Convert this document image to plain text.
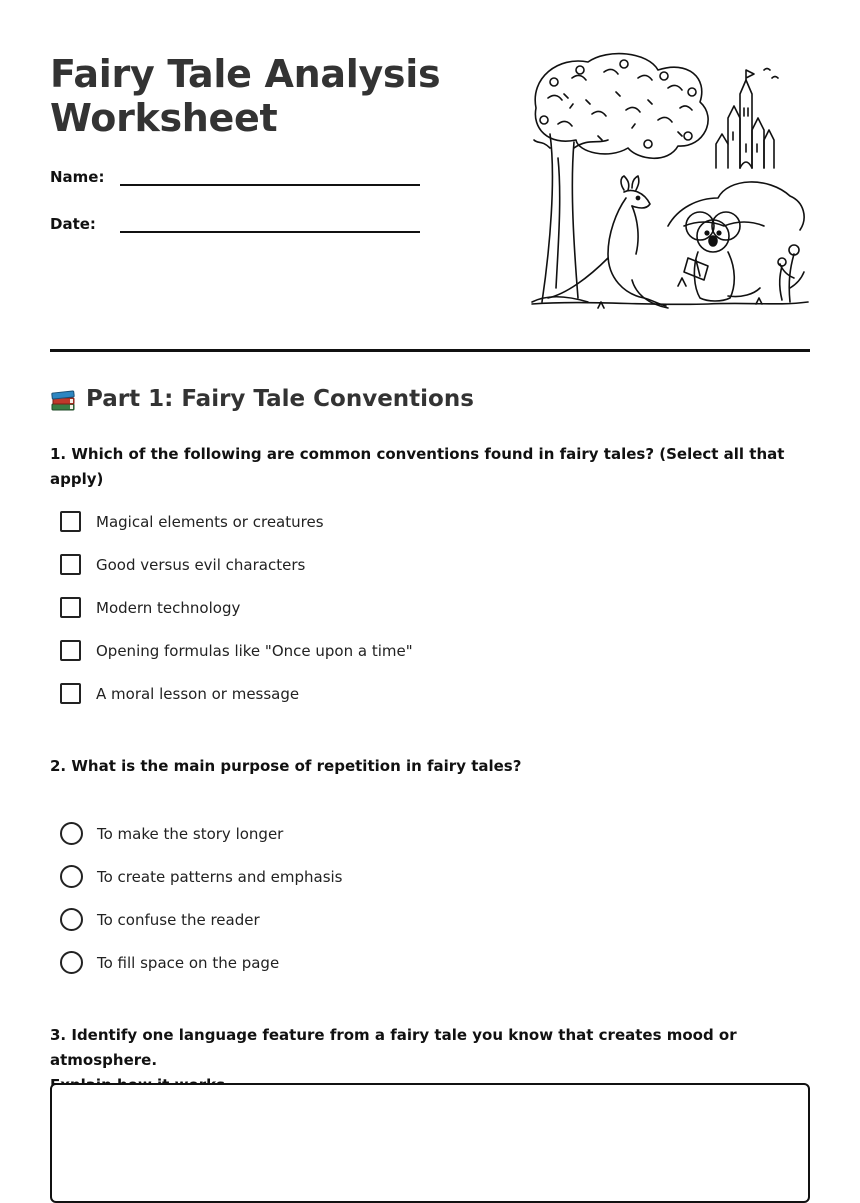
Fairy Tale Analysis
Worksheet
Name:
Date:
Part 1: Fairy Tale Conventions
1. Which of the following are common conventions found in fairy tales? (Select all that apply)
Magical elements or creatures
Good versus evil characters
Modern technology
Opening formulas like "Once upon a time"
A moral lesson or message
2. What is the main purpose of repetition in fairy tales?
To make the story longer
To create patterns and emphasis
To confuse the reader
To fill space on the page
3. Identify one language feature from a fairy tale you know that creates mood or atmosphere.
